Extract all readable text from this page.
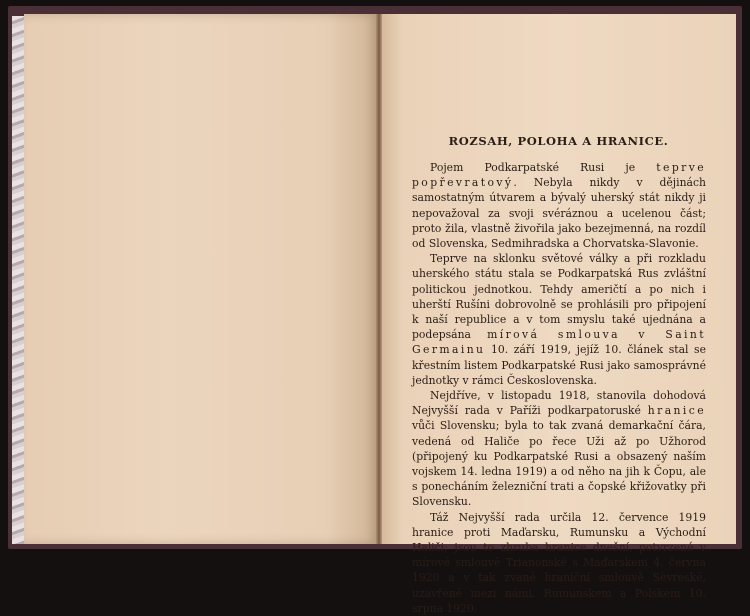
ROZSAH, POLOHA A HRANICE.

Pojem Podkarpatské Rusi je teprve popřevratový. Nebyla nikdy v dějinách samostatným útvarem a bývalý uherský stát nikdy ji nepovažoval za svoji svéráznou a ucelenou část; proto žila, vlastně živořila jako bezejmenná, na rozdíl od Slovenska, Sedmihradska a Chorvatska-Slavonie.

Teprve na sklonku světové války a při rozkladu uherského státu stala se Podkarpatská Rus zvláštní politickou jednotkou. Tehdy američtí a po nich i uherští Rušíni dobrovolně se prohlásili pro připojení k naší republice a v tom smyslu také ujednána a podepsána mírová smlouva v Saint Germainu 10. září 1919, jejíž 10. článek stal se křestním listem Podkarpatské Rusi jako samosprávné jednotky v rámci Československa.

Nejdříve, v listopadu 1918, stanovila dohodová Nejvyšší rada v Paříži podkarpatoruské hranice vůči Slovensku; byla to tak zvaná demarkační čára, vedená od Haliče po řece Uži až po Užhorod (připojený ku Podkarpatské Rusi a obsazený naším vojskem 14. ledna 1919) a od něho na jih k Čopu, ale s ponecháním železniční trati a čopské křižovatky při Slovensku.

Táž Nejvyšší rada určila 12. července 1919 hranice proti Maďarsku, Rumunsku a Východní Haliči; jsou to zhruba hranice dnešní, potvrzené v mírové smlouvě Trianonské s Maďarskem 4. června 1920 a v tak zvané hraniční smlouvě Sèvreské, uzavřené mezi námi, Rumunskem a Polskem 10. srpna 1920.
